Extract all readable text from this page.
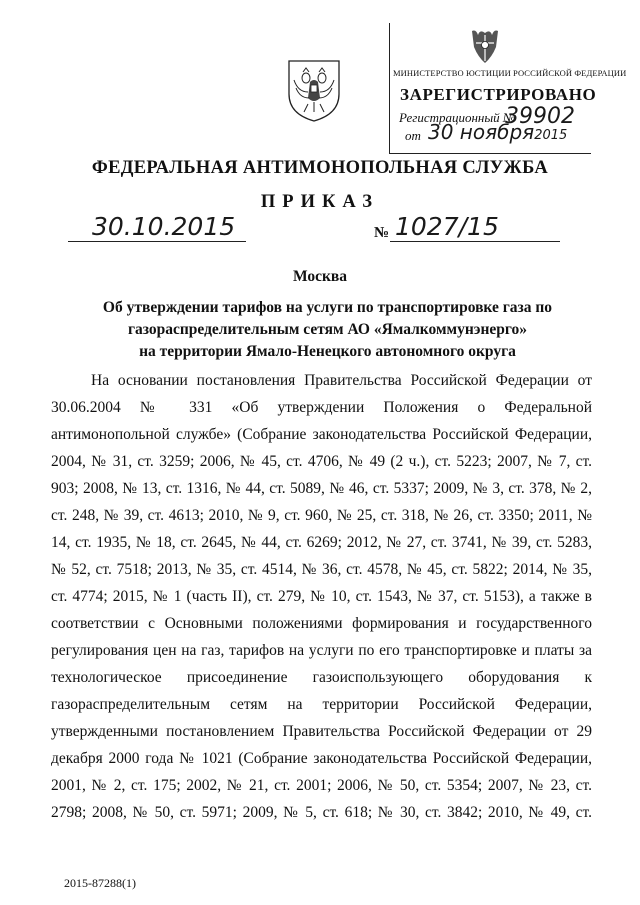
МИНИСТЕРСТВО ЮСТИЦИИ РОССИЙСКОЙ ФЕДЕРАЦИИ
ЗАРЕГИСТРИРОВАНО
Регистрационный №
39902
от 30 ноября2015
ФЕДЕРАЛЬНАЯ АНТИМОНОПОЛЬНАЯ СЛУЖБА
ПРИКАЗ
30.10.2015	№ 1027/15
Москва
Об утверждении тарифов на услуги по транспортировке газа по
газораспределительным сетям АО «Ямалкоммунэнерго»
на территории Ямало-Ненецкого автономного округа
На основании постановления Правительства Российской Федерации от
30.06.2004 № 331 «Об утверждении Положения о Федеральной
антимонопольной службе» (Собрание законодательства Российской Федерации,
2004, № 31, ст. 3259; 2006, № 45, ст. 4706, № 49 (2 ч.), ст. 5223; 2007, № 7, ст.
903; 2008, № 13, ст. 1316, № 44, ст. 5089, № 46, ст. 5337; 2009, № 3, ст. 378, № 2,
ст. 248, № 39, ст. 4613; 2010, № 9, ст. 960, № 25, ст. 318, № 26, ст. 3350; 2011, №
14, ст. 1935, № 18, ст. 2645, № 44, ст. 6269; 2012, № 27, ст. 3741, № 39, ст. 5283,
№ 52, ст. 7518; 2013, № 35, ст. 4514, № 36, ст. 4578, № 45, ст. 5822; 2014, № 35,
ст. 4774; 2015, № 1 (часть II), ст. 279, № 10, ст. 1543, № 37, ст. 5153), а также в
соответствии с Основными положениями формирования и государственного
регулирования цен на газ, тарифов на услуги по его транспортировке и платы за
технологическое присоединение газоиспользующего оборудования к
газораспределительным сетям на территории Российской Федерации,
утвержденными постановлением Правительства Российской Федерации от 29
декабря 2000 года № 1021 (Собрание законодательства Российской Федерации,
2001, № 2, ст. 175; 2002, № 21, ст. 2001; 2006, № 50, ст. 5354; 2007, № 23, ст.
2798; 2008, № 50, ст. 5971; 2009, № 5, ст. 618; № 30, ст. 3842; 2010, № 49, ст.
2015-87288(1)
